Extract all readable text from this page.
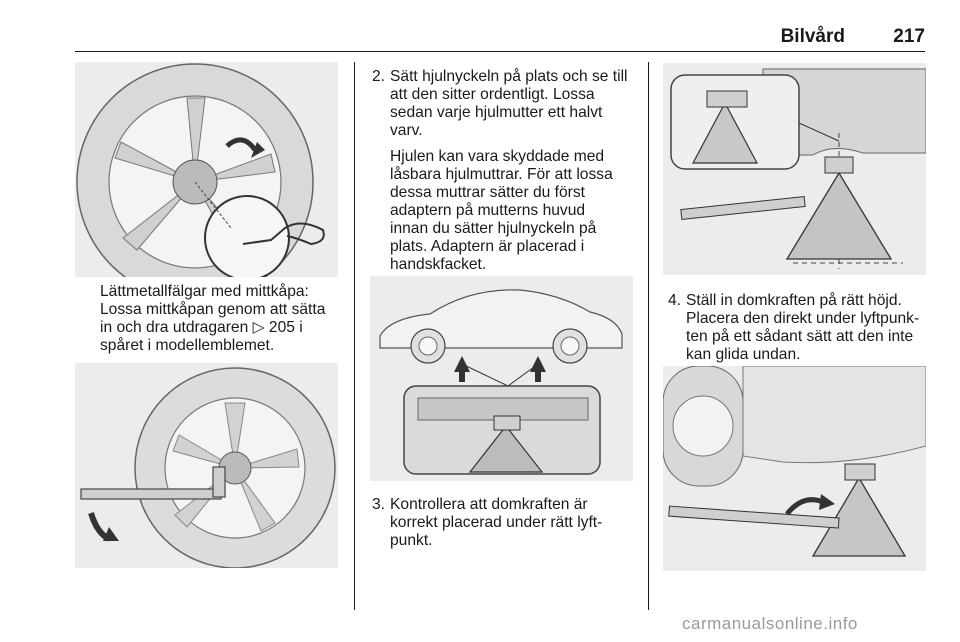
Bilvård	217
Lättmetallfälgar med mittkåpa:
Lossa mittkåpan genom att sätta
in och dra utdragaren ▷ 205 i
spåret i modellemblemet.
2. Sätt hjulnyckeln på plats och se till
att den sitter ordentligt. Lossa
sedan varje hjulmutter ett halvt
varv.
Hjulen kan vara skyddade med
låsbara hjulmuttrar. För att lossa
dessa muttrar sätter du först
adaptern på mutterns huvud
innan du sätter hjulnyckeln på
plats. Adaptern är placerad i
handskfacket.
3. Kontrollera att domkraften är
korrekt placerad under rätt lyft-
punkt.
4. Ställ in domkraften på rätt höjd.
Placera den direkt under lyftpunk-
ten på ett sådant sätt att den inte
kan glida undan.
carmanualsonline.info
